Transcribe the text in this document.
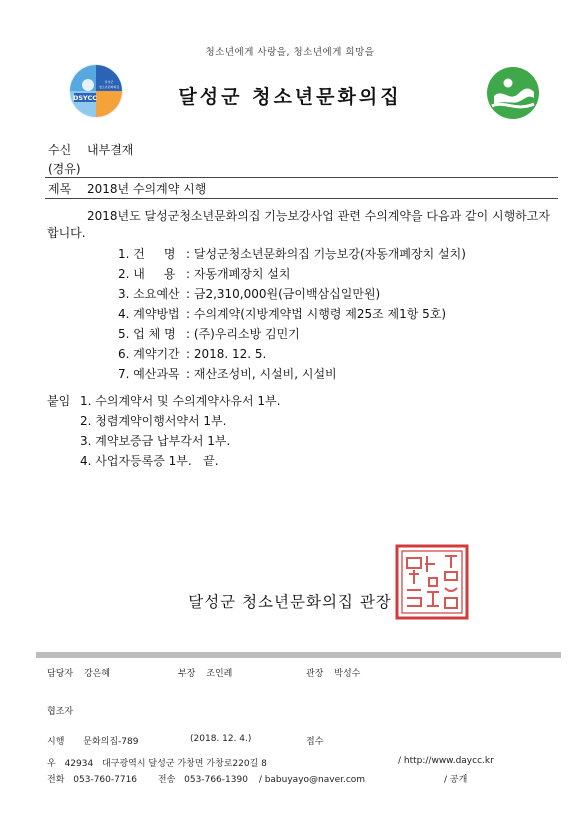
청소년에게 사랑을, 청소년에게 희망을
DSYCC
달성군
청소년문화의집	달성군 청소년문화의집
수신 내부결재
(경유)
제목 2018년 수의계약 시행
2018년도 달성군청소년문화의집 기능보강사업 관련 수의계약을 다음과 같이 시행하고자
합니다.
1. 건     명 : 달성군청소년문화의집 기능보강(자동개폐장치 설치)
2. 내     용 : 자동개폐장치 설치
3. 소요예산 : 금2,310,000원(금이백삼십일만원)
4. 계약방법 : 수의계약(지방계약법 시행령 제25조 제1항 5호)
5. 업 체 명 : (주)우리소방 김민기
6. 계약기간 : 2018. 12. 5.
7. 예산과목 : 재산조성비, 시설비, 시설비
붙임 1. 수의계약서 및 수의계약사유서 1부.
2. 청렴계약이행서약서 1부.
3. 계약보증금 납부각서 1부.
4. 사업자등록증 1부.   끝.
달성군 청소년문화의집 관장
담당자 강은혜	부장 조인례	관장 박성수
협조자
시행 문화의집-789	(2018. 12. 4.)	접수
우 42934 대구광역시 달성군 가창면 가창로220길 8	/ http://www.daycc.kr
전화 053-760-7716 전송 053-766-1390 / babuyayo@naver.com	/ 공개
